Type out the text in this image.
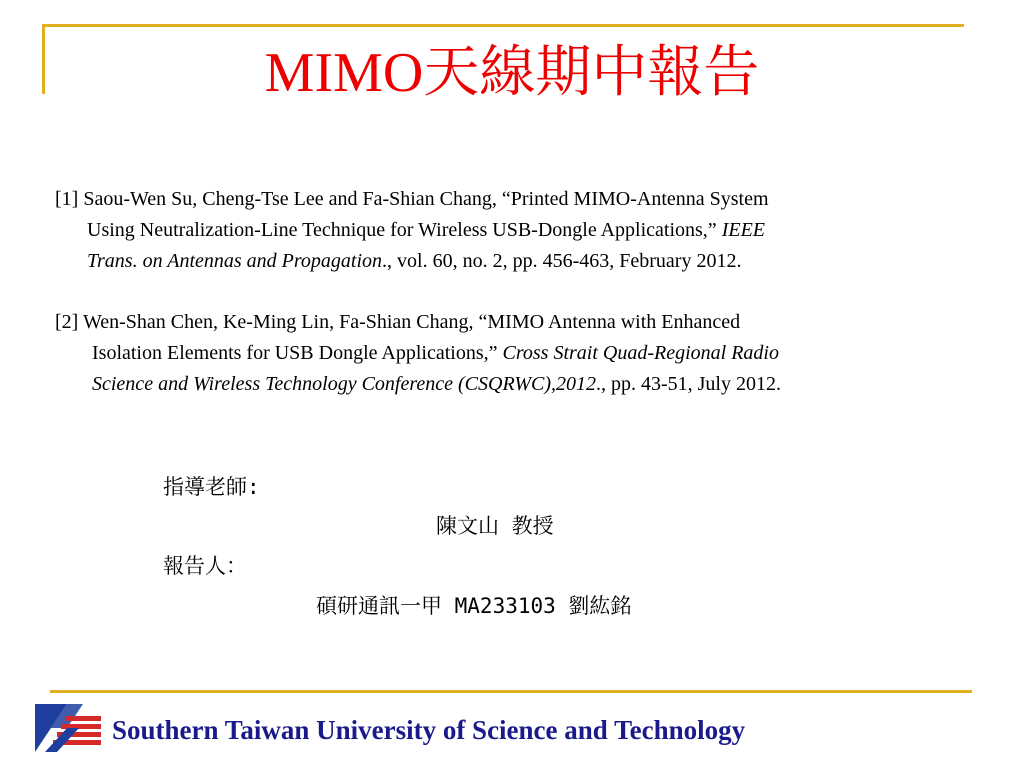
MIMO天線期中報告
[1] Saou-Wen Su, Cheng-Tse Lee and Fa-Shian Chang, “Printed MIMO-Antenna System
Using Neutralization-Line Technique for Wireless USB-Dongle Applications,” IEEE
Trans. on Antennas and Propagation., vol. 60, no. 2, pp. 456-463, February 2012.
[2] Wen-Shan Chen, Ke-Ming Lin, Fa-Shian Chang, “MIMO Antenna with Enhanced
Isolation Elements for USB Dongle Applications,” Cross Strait Quad-Regional Radio
Science and Wireless Technology Conference (CSQRWC),2012., pp. 43-51, July 2012.
指導老師:
陳文山 教授
報告人：
碩研通訊一甲 MA233103 劉紘銘
Southern Taiwan University of Science and Technology
